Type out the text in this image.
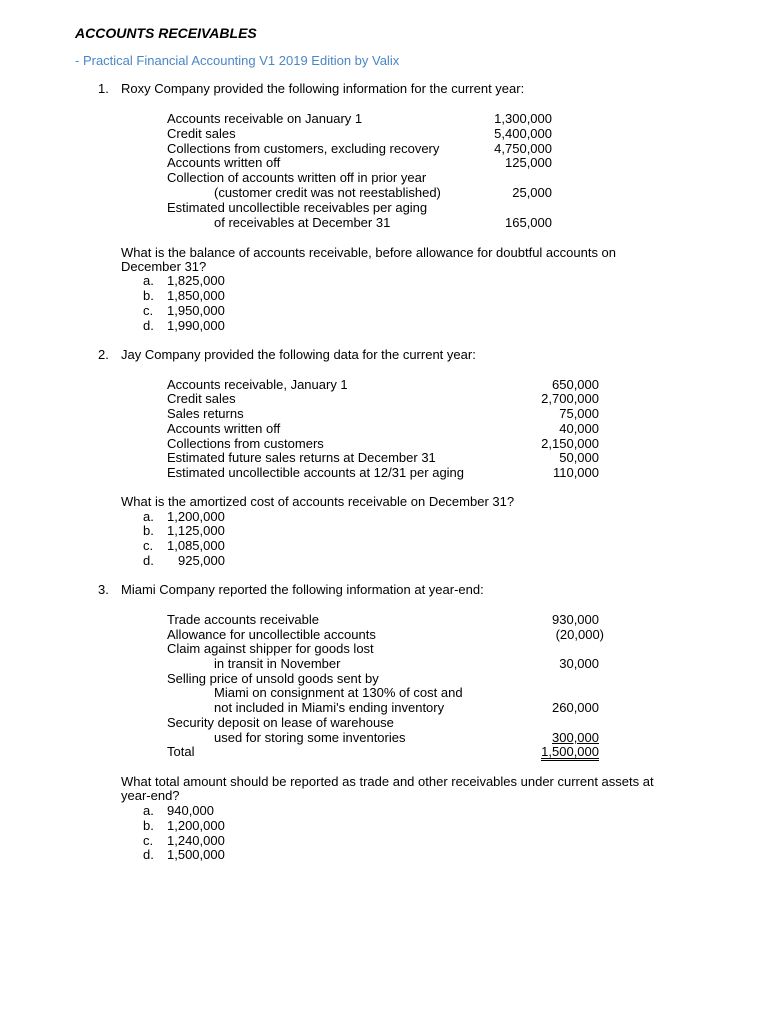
ACCOUNTS RECEIVABLES
- Practical Financial Accounting V1 2019 Edition by Valix
1. Roxy Company provided the following information for the current year:
Accounts receivable on January 1	1,300,000
Credit sales	5,400,000
Collections from customers, excluding recovery	4,750,000
Accounts written off	125,000
Collection of accounts written off in prior year
(customer credit was not reestablished)	25,000
Estimated uncollectible receivables per aging
of receivables at December 31	165,000
What is the balance of accounts receivable, before allowance for doubtful accounts on
December 31?
a. 1,825,000
b. 1,850,000
c. 1,950,000
d. 1,990,000
2. Jay Company provided the following data for the current year:
Accounts receivable, January 1	650,000
Credit sales	2,700,000
Sales returns	75,000
Accounts written off	40,000
Collections from customers	2,150,000
Estimated future sales returns at December 31	50,000
Estimated uncollectible accounts at 12/31 per aging	110,000
What is the amortized cost of accounts receivable on December 31?
a. 1,200,000
b. 1,125,000
c. 1,085,000
d. 925,000
3. Miami Company reported the following information at year-end:
Trade accounts receivable	930,000
Allowance for uncollectible accounts	(20,000)
Claim against shipper for goods lost
in transit in November	30,000
Selling price of unsold goods sent by
Miami on consignment at 130% of cost and
not included in Miami's ending inventory	260,000
Security deposit on lease of warehouse
used for storing some inventories	300,000
Total	1,500,000
What total amount should be reported as trade and other receivables under current assets at
year-end?
a. 940,000
b. 1,200,000
c. 1,240,000
d. 1,500,000
